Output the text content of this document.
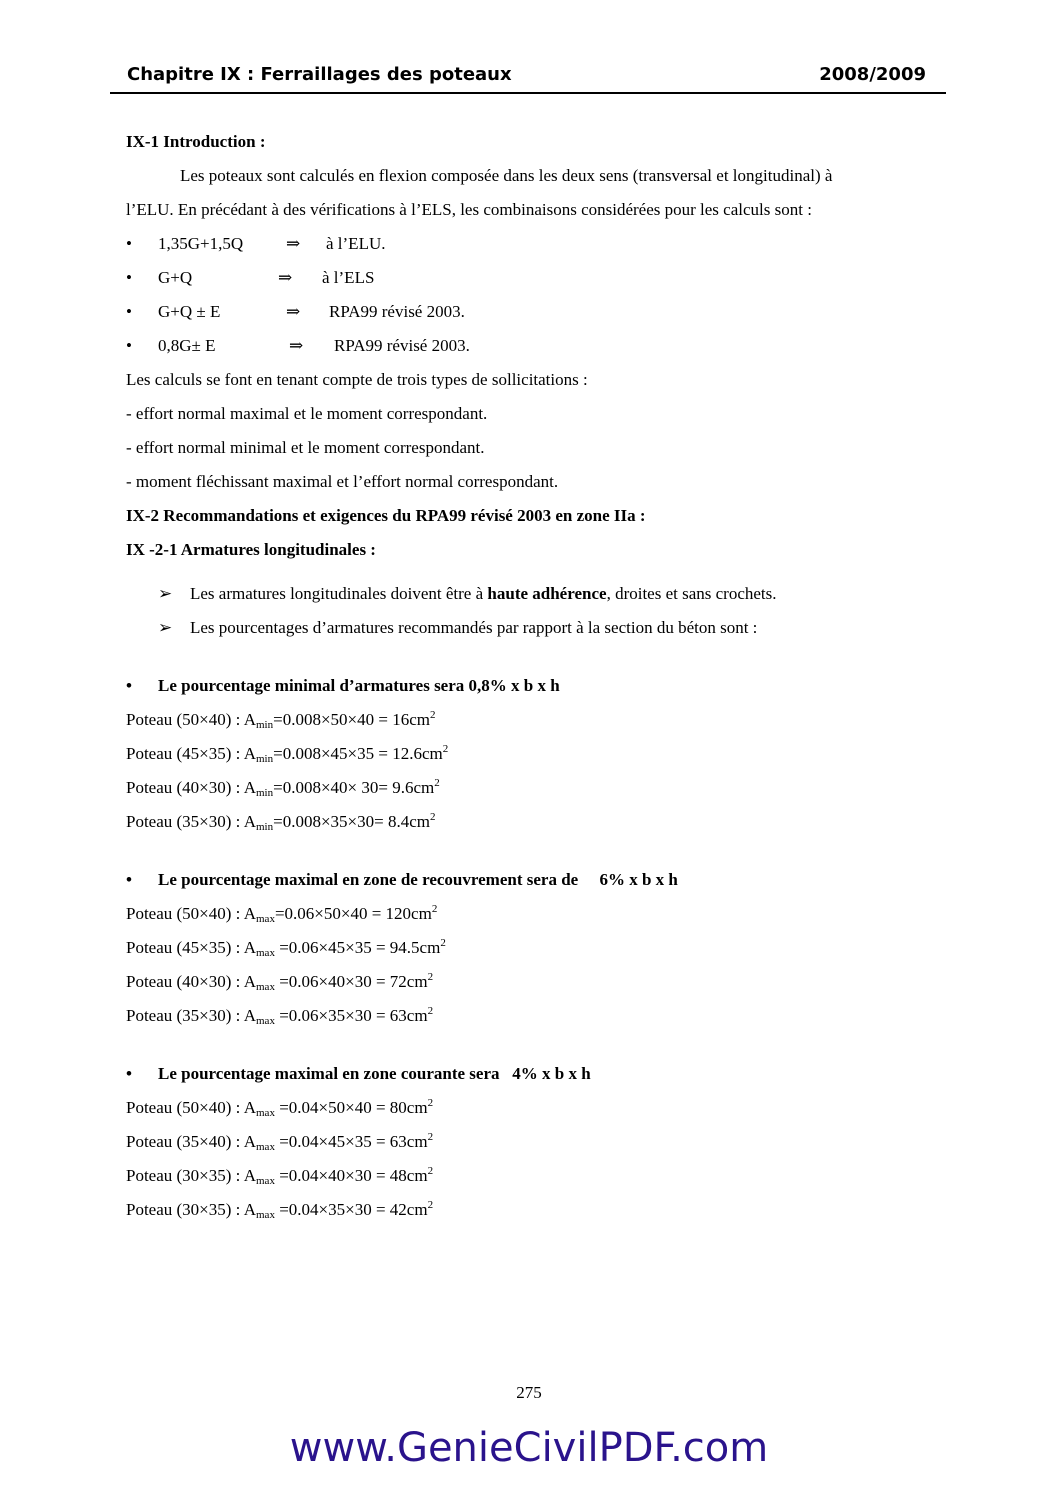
Chapitre IX : Ferraillages des poteaux	2008/2009
IX-1 Introduction :
Les poteaux sont calculés en flexion composée dans les deux sens (transversal et longitudinal) à
l’ELU. En précédant à des vérifications à l’ELS, les combinaisons considérées pour les calculs sont :
• 1,35G+1,5Q	⇒ à l’ELU.
• G+Q	⇒ à l’ELS
• G+Q ± E	⇒ RPA99 révisé 2003.
• 0,8G± E	⇒ RPA99 révisé 2003.
Les calculs se font en tenant compte de trois types de sollicitations :
- effort normal maximal et le moment correspondant.
- effort normal minimal et le moment correspondant.
- moment fléchissant maximal et l’effort normal correspondant.
IX-2 Recommandations et exigences du RPA99 révisé 2003 en zone IIa :
IX -2-1 Armatures longitudinales :
➢ Les armatures longitudinales doivent être à haute adhérence, droites et sans crochets.
➢ Les pourcentages d’armatures recommandés par rapport à la section du béton sont :
• Le pourcentage minimal d’armatures sera 0,8% x b x h
Poteau (50×40) : $A_{min}=0.008\times 50\times 40 = 16cm^2$
Poteau (45×35) : $A_{min}=0.008\times 45\times 35 = 12.6cm^2$
Poteau (40×30) : $A_{min}=0.008\times 40\times 30= 9.6cm^2$
Poteau (35×30) : $A_{min}=0.008\times 35\times 30= 8.4cm^2$
• Le pourcentage maximal en zone de recouvrement sera de     6% x b x h
Poteau (50×40) : $A_{max}=0.06\times 50\times 40 = 120cm^2$
Poteau (45×35) : $A_{max} =0.06\times 45\times 35 = 94.5cm^2$
Poteau (40×30) : $A_{max} =0.06\times 40\times 30 = 72cm^2$
Poteau (35×30) : $A_{max} =0.06\times 35\times 30 = 63cm^2$
• Le pourcentage maximal en zone courante sera   4% x b x h
Poteau (50×40) : $A_{max} =0.04\times 50\times 40 = 80cm^2$
Poteau (35×40) : $A_{max} =0.04\times 45\times 35 = 63cm^2$
Poteau (30×35) : $A_{max} =0.04\times 40\times 30 = 48cm^2$
Poteau (30×35) : $A_{max} =0.04\times 35\times 30 = 42cm^2$
275
www.GenieCivilPDF.com
